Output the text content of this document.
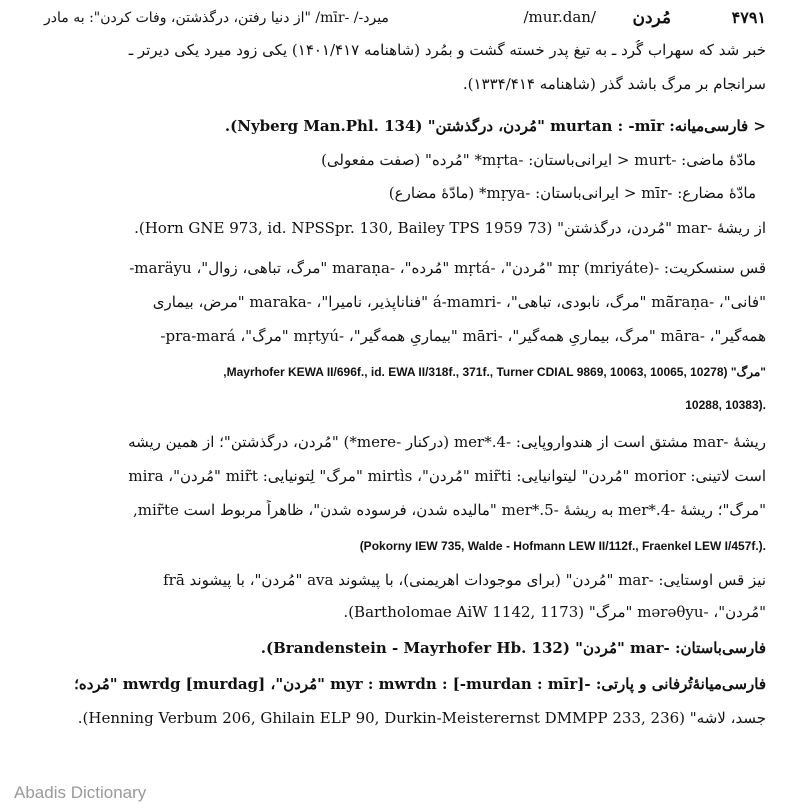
۴۷۹۱
مُردن
/mur.dan/
میرد-/ -mīr/ "از دنیا رفتن، درگذشتن، وفات کردن": به مادر
خبر شد که سهراب گُرد ـ به تیغ پدر خسته گشت و بمُرد (شاهنامه ۱۴۰۱/۴۱۷) یکی زود میرد یکی دیرتر ـ
سرانجام بر مرگ باشد گذر (شاهنامه ۱۳۳۴/۴۱۴).
< فارسی‌میانه: murtan : -mīr "مُردن، درگذشتن" (Nyberg Man.Phl. 134).
مادّهٔ ماضی: -murt < ایرانی‌باستان: -mṛta* "مُرده" (صفت مفعولی)
مادّهٔ مضارع: -mīr < ایرانی‌باستان: -mṛya* (مادّهٔ مضارع)
از ریشهٔ -mar "مُردن، درگذشتن" (Horn GNE 973, id. NPSSpr. 130, Bailey TPS 1959 73).
قس سنسکریت: -mṛ (mriyáte) "مُردن"، -mṛtá "مُرده"، -maraṇa "مرگ، تباهی، زوال"، maräyu-
"فانی"، -mā̆raṇa "مرگ، نابودی، تباهی"، -á-mamri "فناناپذیر، نامیرا"، -maraka "مرض، بیماری
همه‌گیر"، -māra "مرگ، بیماریِ همه‌گیر"، -māri "بیماریِ همه‌گیر"، -mṛtyú "مرگ"، pra-mará-
"مرگ" (Mayrhofer KEWA II/696f., id. EWA II/318f., 371f., Turner CDIAL 9869, 10063, 10065, 10278,
10288, 10383).
ریشهٔ -mar مشتق است از هندواروپایی: -4.*mer (درکنار -mere*) "مُردن، درگذشتن"؛ از همین ریشه
است لاتینی: morior "مُردن" لیتوانیایی: mir̃ti "مُردن"، mirtìs "مرگ" لِتونیایی: mir̃t "مُردن"، mira
"مرگ"؛ ریشهٔ -4.*mer به ریشهٔ -5.*mer "مالیده شدن، فرسوده شدن"، ظاهراً مربوط است mir̃te,
(Pokorny IEW 735, Walde - Hofmann LEW II/112f., Fraenkel LEW I/457f.).
نیز قس اوستایی: -mar "مُردن" (برای موجودات اهریمنی)، با پیشوند ava "مُردن"، با پیشوند frā
"مُردن"، -mərəθyu "مرگ" (Bartholomae AiW 1142, 1173).
فارسی‌باستان: -mar "مُردن" (Brandenstein - Mayrhofer Hb. 132).
فارسی‌میانهٔ‌تُرفانی و پارتی: -myr : mwrdn : [-murdan : mīr] "مُردن"، mwrdg [murdag] "مُرده؛
جسد، لاشه" (Henning Verbum 206, Ghilain ELP 90, Durkin-Meisterernst DMMPP 233, 236).
Abadis Dictionary
